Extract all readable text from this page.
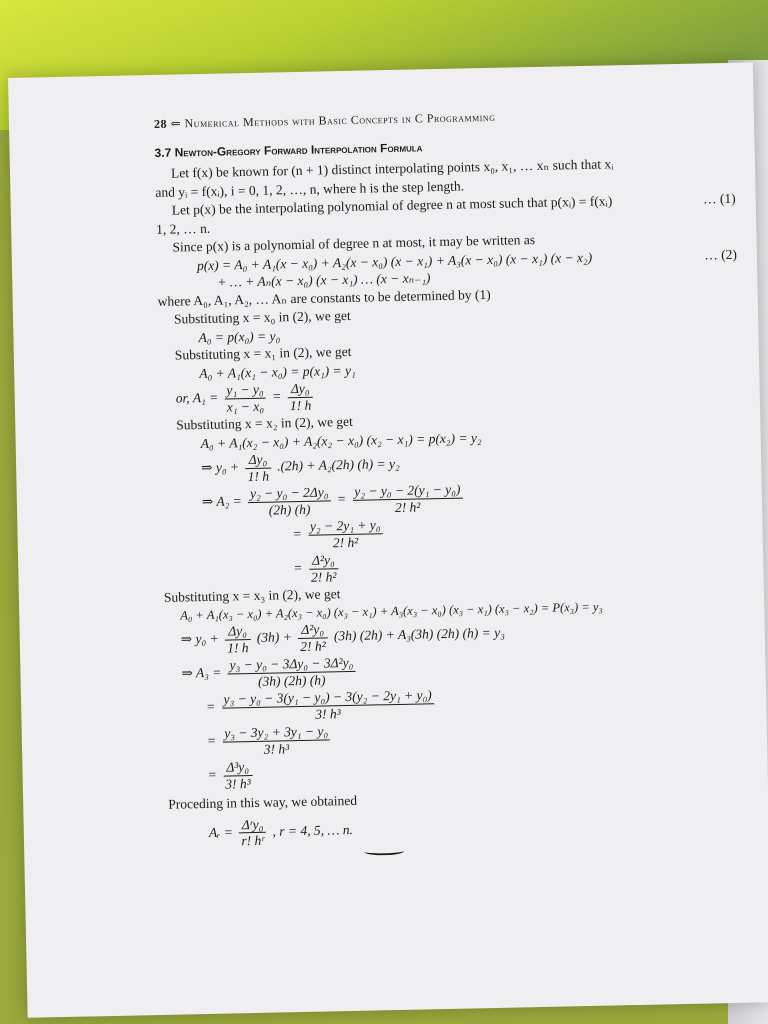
28 ⇐ Numerical Methods with Basic Concepts in C Programming
3.7 Newton-Gregory Forward Interpolation Formula
Let f(x) be known for (n + 1) distinct interpolating points x₀, x₁, … xₙ such that xᵢ
and yᵢ = f(xᵢ), i = 0, 1, 2, …, n, where h is the step length.
Let p(x) be the interpolating polynomial of degree n at most such that p(xᵢ) = f(xᵢ)	… (1)
1, 2, … n.
Since p(x) is a polynomial of degree n at most, it may be written as
p(x) = A₀ + A₁(x − x₀) + A₂(x − x₀) (x − x₁) + A₃(x − x₀) (x − x₁) (x − x₂)	… (2)
+ … + Aₙ(x − x₀) (x − x₁) … (x − xₙ₋₁)
where A₀, A₁, A₂, … Aₙ are constants to be determined by (1)
Substituting x = x₀ in (2), we get
A₀ = p(x₀) = y₀
Substituting x = x₁ in (2), we get
A₀ + A₁(x₁ − x₀) = p(x₁) = y₁
or, $A_1 = \frac{\text{y₁ − y₀}}{\text{x₁ − x₀}} = \frac{\text{Δy₀}}{1! h}$
Substituting x = x₂ in (2), we get
A₀ + A₁(x₂ − x₀) + A₂(x₂ − x₀) (x₂ − x₁) = p(x₂) = y₂
⇒ $y_0 + \frac{\text{Δy₀}}{1! h} .(2h) + A_2(2h) (h) = y_2$
⇒ $A_2 = \frac{\text{y₂ − y₀ − 2Δy₀}}{(2h) (h)} = \frac{\text{y₂ − y₀ − 2(y₁ − y₀)}}{\text{2! h²}}$
= $\frac{\text{y₂ − 2y₁ + y₀}}{\text{2! h²}}$
= $\frac{\text{Δ²y₀}}{\text{2! h²}}$
Substituting x = x₃ in (2), we get
A₀ + A₁(x₃ − x₀) + A₂(x₃ − x₀) (x₃ − x₁) + A₃(x₃ − x₀) (x₃ − x₁) (x₃ − x₂) = P(x₃) = y₃
⇒ $y_0 + \frac{\text{Δy₀}}{1! h} (3h) + \frac{\text{Δ²y₀}}{\text{2! h²}} (3h) (2h) + A_3(3h)$ (2h) (h) = y₃
⇒ $A_3 = \frac{\text{y₃ − y₀ − 3Δy₀ − 3Δ²y₀}}{(3h) (2h) (h)}$
= $\frac{\text{y₃ − y₀ − 3(y₁ − y₀) − 3(y₂ − 2y₁ + y₀)}}{\text{3! h³}}$
= $\frac{\text{y₃ − 3y₂ + 3y₁ − y₀}}{\text{3! h³}}$
= $\frac{\text{Δ³y₀}}{\text{3! h³}}$
Proceding in this way, we obtained
Aᵣ = $\frac{\text{Δʳy₀}}{\text{r! hʳ}}$ , r = 4, 5, … n.
